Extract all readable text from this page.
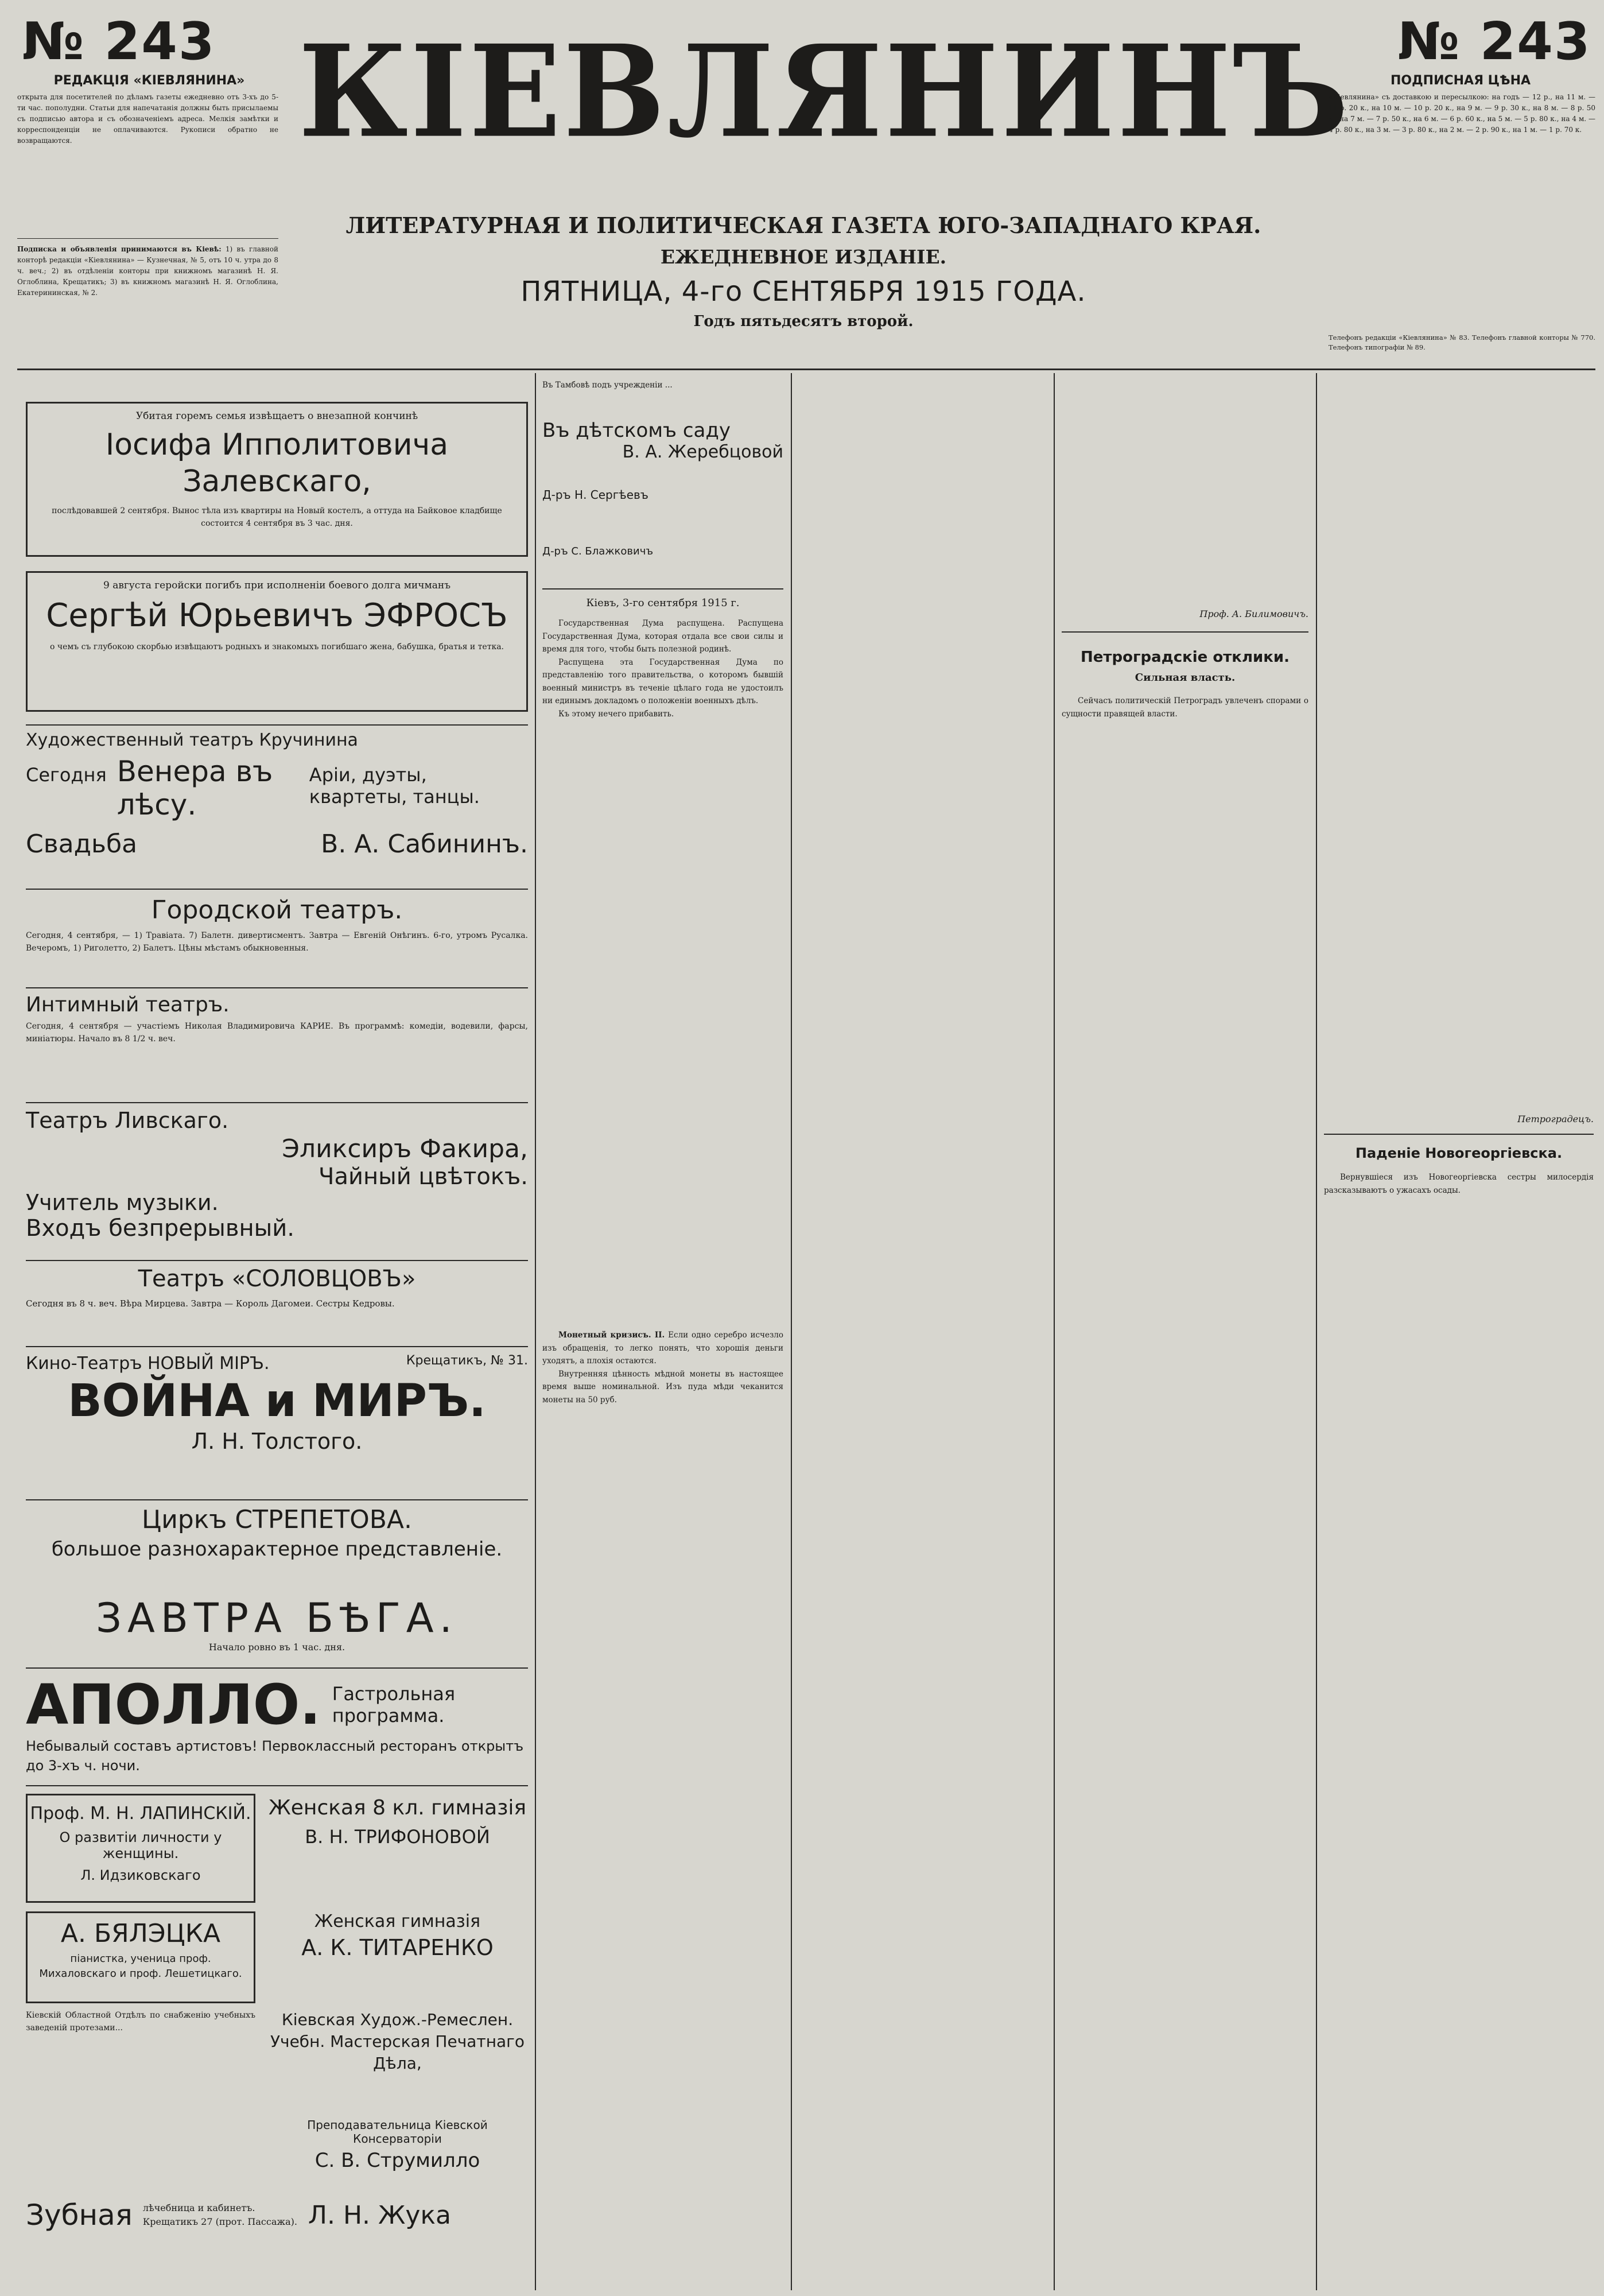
№ 243	№ 243
РЕДАКЦІЯ «КІЕВЛЯНИНА»
открыта для посетителей по дѣламъ газеты ежедневно отъ 3-хъ до 5-ти час. пополудни. Статьи для напечатанія должны быть присылаемы съ подписью автора и съ обозначеніемъ адреса. Мелкія замѣтки и корреспонденціи не оплачиваются. Рукописи обратно не возвращаются.
Подписка и объявленія принимаются въ Кіевѣ: 1) въ главной конторѣ редакціи «Кіевлянина» — Кузнечная, № 5, отъ 10 ч. утра до 8 ч. веч.; 2) въ отдѣленіи конторы при книжномъ магазинѣ Н. Я. Оглоблина, Крещатикъ; 3) въ книжномъ магазинѣ Н. Я. Оглоблина, Екатерининская, № 2.
КІЕВЛЯНИНЪ
ЛИТЕРАТУРНАЯ И ПОЛИТИЧЕСКАЯ ГАЗЕТА ЮГО-ЗАПАДНАГО КРАЯ.
ЕЖЕДНЕВНОЕ ИЗДАНІЕ.
ПЯТНИЦА, 4-го СЕНТЯБРЯ 1915 ГОДА.
Годъ пятьдесятъ второй.
ПОДПИСНАЯ ЦѢНА
«Кіевлянина» съ доставкою и пересылкою: на годъ — 12 р., на 11 м. — 11 р. 20 к., на 10 м. — 10 р. 20 к., на 9 м. — 9 р. 30 к., на 8 м. — 8 р. 50 к., на 7 м. — 7 р. 50 к., на 6 м. — 6 р. 60 к., на 5 м. — 5 р. 80 к., на 4 м. — 4 р. 80 к., на 3 м. — 3 р. 80 к., на 2 м. — 2 р. 90 к., на 1 м. — 1 р. 70 к.
Телефонъ редакціи «Кіевлянина» № 83. Телефонъ главной конторы № 770. Телефонъ типографіи № 89.
Убитая горемъ семья извѣщаетъ о внезапной кончинѣ
Іосифа Ипполитовича Залевскаго,
послѣдовавшей 2 сентября. Вынос тѣла изъ квартиры на Новый костелъ, а оттуда на Байковое кладбище состоится 4 сентября въ 3 час. дня.
9 августа геройски погибъ при исполненіи боевого долга мичманъ
Сергѣй Юрьевичъ ЭФРОСЪ
о чемъ съ глубокою скорбью извѣщаютъ родныхъ и знакомыхъ погибшаго жена, бабушка, братья и тетка.
Художественный театръ Кручинина
Сегодня Венера въ лѣсу.
Арiи, дуэты, квартеты, танцы.
Свадьба	В. А. Сабининъ.
Городской театръ.
Сегодня, 4 сентября, — 1) Травіата. 7) Балетн. дивертисментъ. Завтра — Евгеній Онѣгинъ. 6-го, утромъ Русалка. Вечеромъ, 1) Риголетто, 2) Балетъ. Цѣны мѣстамъ обыкновенныя.
Интимный театръ.
Сегодня, 4 сентября — участіемъ Николая Владимировича КАРИЕ. Въ программѣ: комедіи, водевили, фарсы, миніатюры. Начало въ 8 1/2 ч. веч.
Театръ Ливскаго.
Эликсиръ Факира,
Чайный цвѣтокъ.
Учитель музыки.
Входъ безпрерывный.
Театръ «СОЛОВЦОВЪ»
Сегодня въ 8 ч. веч. Вѣра Мирцева. Завтра — Король Дагомеи. Сестры Кедровы.
Кино-Театръ НОВЫЙ МІРЪ.	Крещатикъ, № 31.
ВОЙНА и МИРЪ.
Л. Н. Толстого.
Циркъ СТРЕПЕТОВА.
большое разнохарактерное представленіе.
ЗАВТРА БѢГА.
Начало ровно въ 1 час. дня.
АПОЛЛО. Гастрольная программа.
Небывалый составъ артистовъ! Первоклассный ресторанъ открытъ до 3-хъ ч. ночи.
Проф. М. Н. ЛАПИНСКІЙ.
О развитіи личности у женщины.
Л. Идзиковскаго
Женская 8 кл. гимназія
В. Н. ТРИФОНОВОЙ
А. БЯЛЭЦКА
піанистка, ученица проф. Михаловскаго и проф. Лешетицкаго.
Женская гимназія
А. К. ТИТАРЕНКО
Кіевская Худож.-Ремеслен. Учебн. Мастерская Печатнаго Дѣла,
Кіевскій Областной Отдѣлъ по снабженію учебныхъ заведеній протезами...
Преподавательница Кіевской Консерваторіи
С. В. Струмилло
Зубная лѣчебница и кабинетъ. Крещатикъ 27 (прот. Пассажа). Л. Н. Жука
Въ Тамбовѣ подъ учрежденіи ...
Въ дѣтскомъ саду
В. А. Жеребцовой
Д-ръ Н. Сергѣевъ
Д-ръ С. Блажковичъ
Кіевъ, 3-го сентября 1915 г.

Государственная Дума распущена. Распущена Государственная Дума, которая отдала все свои силы и время для того, чтобы быть полезной родинѣ.

Распущена эта Государственная Дума по представленію того правительства, о которомъ бывшій военный министръ въ теченіе цѣлаго года не удостоилъ ни единымъ докладомъ о положеніи военныхъ дѣлъ.

Къ этому нечего прибавить.

Монетный кризисъ. II. Если одно серебро исчезло изъ обращенія, то легко понять, что хорошія деньги уходятъ, а плохія остаются.

Внутренняя цѣнность мѣдной монеты въ настоящее время выше номинальной. Изъ пуда мѣди чеканится монеты на 50 руб.

Проф. А. Билимовичъ.
Петроградскіе отклики.
Сильная власть.

Сейчасъ политическій Петроградъ увлеченъ спорами о сущности правящей власти.

Петроградецъ.
Паденіе Новогеоргіевска.

Вернувшіеся изъ Новогеоргіевска сестры милосердія разсказываютъ о ужасахъ осады.
